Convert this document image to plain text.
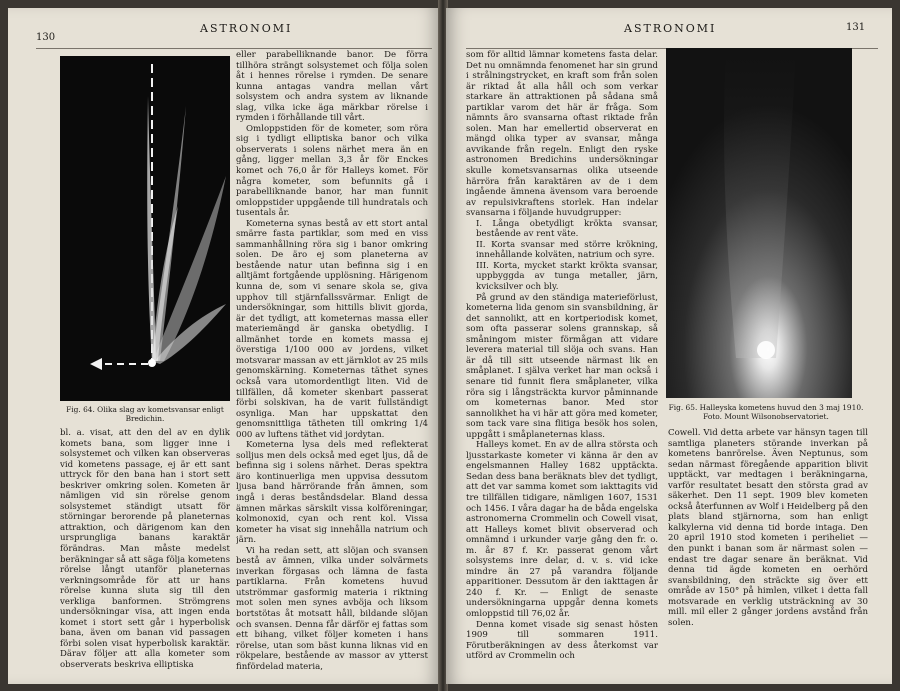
ASTRONOMI
130
Fig. 64. Olika slag av kometsvansar enligt Bredichin.

eller parabelliknande banor. De förra tillhöra strängt solsystemet och följa solen åt i hennes rörelse i rymden. De senare kunna antagas vandra mellan vårt solsystem och andra system av liknande slag, vilka icke äga märkbar rörelse i rymden i förhållande till vårt.

Omloppstiden för de kometer, som röra sig i tydligt elliptiska banor och vilka observerats i solens närhet mera än en gång, ligger mellan 3,3 år för Enckes komet och 76,0 år för Halleys komet. För några kometer, som befunnits gå i parabelliknande banor, har man funnit omloppstider uppgående till hundratals och tusentals år.

Kometerna synas bestå av ett stort antal smärre fasta partiklar, som med en viss sammanhållning röra sig i banor omkring solen. De äro ej som planeterna av bestående natur utan befinna sig i en alltjämt fortgående upplösning. Härigenom kunna de, som vi senare skola se, giva upphov till stjärnfallssvärmar. Enligt de undersökningar, som hittills blivit gjorda, är det tydligt, att kometernas massa eller materiemängd är ganska obetydlig. I allmänhet torde en komets massa ej överstiga 1/100 000 av jordens, vilket motsvarar massan av ett järnklot av 25 mils genomskärning. Kometernas täthet synes också vara utomordentligt liten. Vid de tillfällen, då kometer skenbart passerat förbi solskivan, ha de varit fullständigt osynliga. Man har uppskattat den genomsnittliga tätheten till omkring 1/4 000 av luftens täthet vid jordytan.

Kometerna lysa dels med reflekterat solljus men dels också med eget ljus, då de befinna sig i solens närhet. Deras spektra äro kontinuerliga men uppvisa dessutom ljusa band härrörande från ämnen, som ingå i deras beståndsdelar. Bland dessa ämnen märkas särskilt vissa kolföreningar, kolmonoxid, cyan och rent kol. Vissa kometer ha visat sig innehålla natrium och järn.

Vi ha redan sett, att slöjan och svansen bestå av ämnen, vilka under solvärmets inverkan förgasas och lämna de fasta partiklarna. Från kometens huvud utströmmar gasformig materia i riktning mot solen men synes avböja och liksom bortstötas åt motsatt håll, bildande slöjan och svansen. Denna får därför ej fattas som ett bihang, vilket följer kometen i hans rörelse, utan som bäst kunna liknas vid en rökpelare, bestående av massor av ytterst finfördelad materia,

bl. a. visat, att den del av en dylik komets bana, som ligger inne i solsystemet och vilken kan observeras vid kometens passage, ej är ett sant uttryck för den bana han i stort sett beskriver omkring solen. Kometen är nämligen vid sin rörelse genom solsystemet ständigt utsatt för störningar berorende på planeternas attraktion, och därigenom kan den ursprungliga banans karaktär förändras. Man måste medelst beräkningar så att säga följa kometens rörelse långt utanför planeternas verkningsområde för att ur hans rörelse kunna sluta sig till den verkliga banformen. Strömgrens undersökningar visa, att ingen enda komet i stort sett går i hyperbolisk bana, även om banan vid passagen förbi solen visat hyperbolisk karaktär. Därav följer att alla kometer som observerats beskriva elliptiska

ASTRONOMI	131

som för alltid lämnar kometens fasta delar. Det nu omnämnda fenomenet har sin grund i strålningstrycket, en kraft som från solen är riktad åt alla håll och som verkar starkare än attraktionen på sådana små partiklar varom det här är fråga. Som nämnts äro svansarna oftast riktade från solen. Man har emellertid observerat en mängd olika typer av svansar, många avvikande från regeln. Enligt den ryske astronomen Bredichins undersökningar skulle kometsvansarnas olika utseende härröra från karaktären av de i dem ingående ämnena ävensom vara beroende av repulsivkraftens storlek. Han indelar svansarna i följande huvudgrupper:

I. Långa obetydligt krökta svansar, bestående av rent väte.

II. Korta svansar med större krökning, innehållande kolväten, natrium och syre.

III. Korta, mycket starkt krökta svansar, uppbyggda av tunga metaller, järn, kvicksilver och bly.

På grund av den ständiga materieförlust, kometerna lida genom sin svansbildning, är det sannolikt, att en kortperiodisk komet, som ofta passerar solens grannskap, så småningom mister förmågan att vidare leverera material till slöja och svans. Han är då till sitt utseende närmast lik en småplanet. I själva verket har man också i senare tid funnit flera småplaneter, vilka röra sig i långsträckta kurvor påminnande om kometernas banor. Med stor sannolikhet ha vi här att göra med kometer, som tack vare sina flitiga besök hos solen, uppgått i småplaneternas klass.

Halleys komet. En av de allra största och ljusstarkaste kometer vi känna är den av engelsmannen Halley 1682 upptäckta. Sedan dess bana beräknats blev det tydligt, att det var samma komet som iakttagits vid tre tillfällen tidigare, nämligen 1607, 1531 och 1456. I våra dagar ha de båda engelska astronomerna Crommelin och Cowell visat, att Halleys komet blivit observerad och omnämnd i urkunder varje gång den fr. o. m. år 87 f. Kr. passerat genom vårt solsystems inre delar, d. v. s. vid icke mindre än 27 på varandra följande apparitioner. Dessutom är den iakttagen år 240 f. Kr. — Enligt de senaste undersökningarna uppgår denna komets omloppstid till 76,02 år.

Denna komet visade sig senast hösten 1909 till sommaren 1911. Förutberäkningen av dess återkomst var utförd av Crommelin och

Fig. 65. Halleyska kometens huvud den 3 maj 1910. Foto. Mount Wilsonobservatoriet.

Cowell. Vid detta arbete var hänsyn tagen till samtliga planeters störande inverkan på kometens banrörelse. Även Neptunus, som sedan närmast föregående apparition blivit upptäckt, var medtagen i beräkningarna, varför resultatet besatt den största grad av säkerhet. Den 11 sept. 1909 blev kometen också återfunnen av Wolf i Heidelberg på den plats bland stjärnorna, som han enligt kalkylerna vid denna tid borde intaga. Den 20 april 1910 stod kometen i periheliet — den punkt i banan som är närmast solen — endast tre dagar senare än beräknat. Vid denna tid ägde kometen en oerhörd svansbildning, den sträckte sig över ett område av 150° på himlen, vilket i detta fall motsvarade en verklig utsträckning av 30 mill. mil eller 2 gånger jordens avstånd från solen.
